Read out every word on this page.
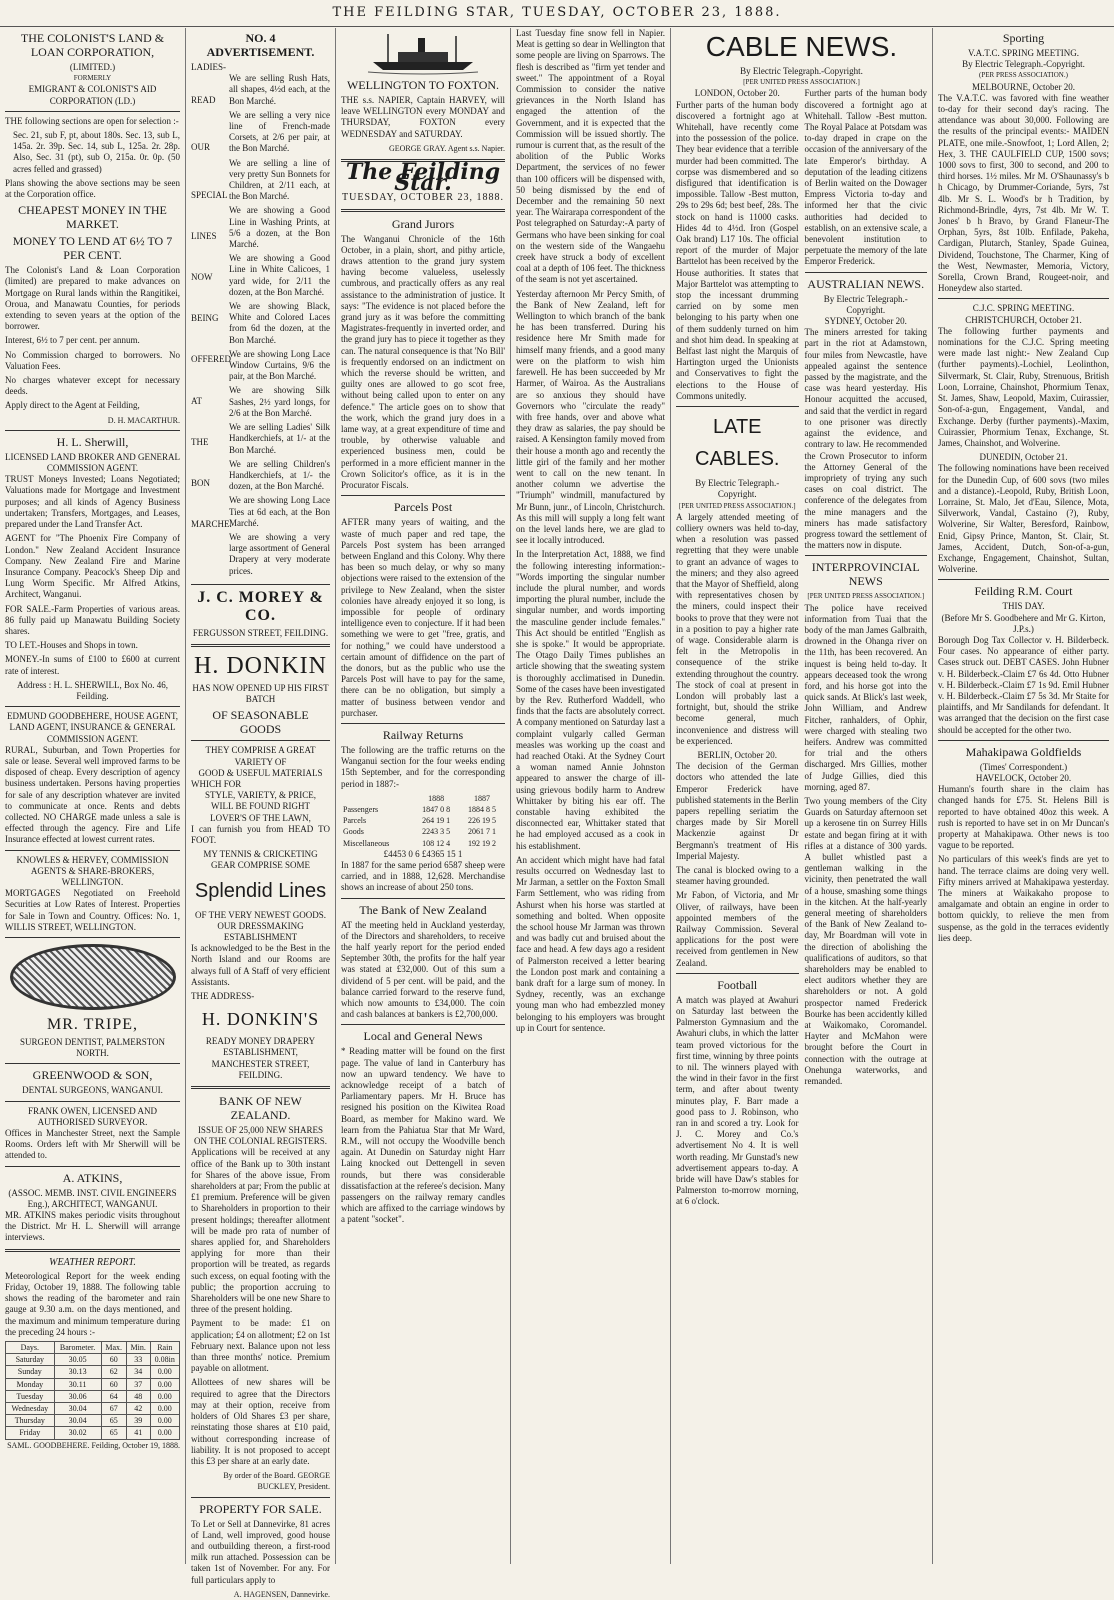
THE FEILDING STAR, TUESDAY, OCTOBER 23, 1888.
THE COLONIST'S LAND & LOAN CORPORATION,
(LIMITED.)
FORMERLY
EMIGRANT & COLONIST'S AID CORPORATION (LD.)

THE following sections are open for selection :-

Sec. 21, sub F, pt, about 180s. Sec. 13, sub L, 145a. 2r. 39p. Sec. 14, sub L, 125a. 2r. 28p. Also, Sec. 31 (pt), sub O, 215a. 0r. 0p. (50 acres felled and grassed)

Plans showing the above sections may be seen at the Corporation office.

CHEAPEST MONEY IN THE MARKET.
MONEY TO LEND AT 6½ TO 7 PER CENT.

The Colonist's Land & Loan Corporation (limited) are prepared to make advances on Mortgage on Rural lands within the Rangitikei, Oroua, and Manawatu Counties, for periods extending to seven years at the option of the borrower.

Interest, 6½ to 7 per cent. per annum.

No Commission charged to borrowers. No Valuation Fees.

No charges whatever except for necessary deeds.

Apply direct to the Agent at Feilding,

D. H. MACARTHUR.
H. L. Sherwill,
LICENSED LAND BROKER AND GENERAL COMMISSION AGENT.

TRUST Moneys Invested; Loans Negotiated; Valuations made for Mortgage and Investment purposes; and all kinds of Agency Business undertaken; Transfers, Mortgages, and Leases, prepared under the Land Transfer Act.

AGENT for "The Phoenix Fire Company of London." New Zealand Accident Insurance Company. New Zealand Fire and Marine Insurance Company. Peacock's Sheep Dip and Lung Worm Specific. Mr Alfred Atkins, Architect, Wanganui.

FOR SALE.-Farm Properties of various areas. 86 fully paid up Manawatu Building Society shares.

TO LET.-Houses and Shops in town.

MONEY.-In sums of £100 to £600 at current rate of interest.

Address : H. L. SHERWILL, Box No. 46, Feilding.

EDMUND GOODBEHERE, HOUSE AGENT, LAND AGENT, INSURANCE & GENERAL COMMISSION AGENT.

RURAL, Suburban, and Town Properties for sale or lease. Several well improved farms to be disposed of cheap. Every description of agency business undertaken. Persons having properties for sale of any description whatever are invited to communicate at once. Rents and debts collected. NO CHARGE made unless a sale is effected through the agency. Fire and Life Insurance effected at lowest current rates.

KNOWLES & HERVEY, COMMISSION AGENTS & SHARE-BROKERS, WELLINGTON.

MORTGAGES Negotiated on Freehold Securities at Low Rates of Interest. Properties for Sale in Town and Country. Offices: No. 1, WILLIS STREET, WELLINGTON.

MR. TRIPE,
SURGEON DENTIST, PALMERSTON NORTH.
GREENWOOD & SON,
DENTAL SURGEONS, WANGANUI.
FRANK OWEN, LICENSED AND AUTHORISED SURVEYOR.

Offices in Manchester Street, next the Sample Rooms. Orders left with Mr Sherwill will be attended to.

A. ATKINS,
(ASSOC. MEMB. INST. CIVIL ENGINEERS Eng.), ARCHITECT, WANGANUI.

MR. ATKINS makes periodic visits throughout the District. Mr H. L. Sherwill will arrange interviews.

WEATHER REPORT.

Meteorological Report for the week ending Friday, October 19, 1888. The following table shows the reading of the barometer and rain gauge at 9.30 a.m. on the days mentioned, and the maximum and minimum temperature during the preceding 24 hours :-

Days.	Barometer.	Max.	Min.	Rain
Saturday	30.05	60	33	0.08in
Sunday	30.13	62	34	0.00
Monday	30.11	60	37	0.00
Tuesday	30.06	64	48	0.00
Wednesday	30.04	67	42	0.00
Thursday	30.04	65	39	0.00
Friday	30.02	65	41	0.00
SAML. GOODBEHERE. Feilding, October 19, 1888.
NO. 4 ADVERTISEMENT.
LADIES-
READ
OUR
SPECIAL
LINES
NOW
BEING
OFFERED
AT
THE
BON
MARCHE.

We are selling Rush Hats, all shapes, 4½d each, at the Bon Marché.

We are selling a very nice line of French-made Corsets, at 2/6 per pair, at the Bon Marché.

We are selling a line of very pretty Sun Bonnets for Children, at 2/11 each, at the Bon Marché.

We are showing a Good Line in Washing Prints, at 5/6 a dozen, at the Bon Marché.

We are showing a Good Line in White Calicoes, 1 yard wide, for 2/11 the dozen, at the Bon Marché.

We are showing Black, White and Colored Laces from 6d the dozen, at the Bon Marché.

We are showing Long Lace Window Curtains, 9/6 the pair, at the Bon Marché.

We are showing Silk Sashes, 2½ yard longs, for 2/6 at the Bon Marché.

We are selling Ladies' Silk Handkerchiefs, at 1/- at the Bon Marché.

We are selling Children's Handkerchiefs, at 1/- the dozen, at the Bon Marché.

We are showing Long Lace Ties at 6d each, at the Bon Marché.

We are showing a very large assortment of General Drapery at very moderate prices.

J. C. MOREY & CO.
FERGUSSON STREET, FEILDING.
H. DONKIN
HAS NOW OPENED UP HIS FIRST BATCH
OF SEASONABLE GOODS
THEY COMPRISE A GREAT VARIETY OF
GOOD & USEFUL MATERIALS
WHICH FOR
STYLE, VARIETY, & PRICE,
WILL BE FOUND RIGHT
LOVER'S OF THE LAWN,

I can furnish you from HEAD TO FOOT.

MY TENNIS & CRICKETING GEAR COMPRISE SOME
Splendid Lines
OF THE VERY NEWEST GOODS.
OUR DRESSMAKING ESTABLISHMENT

Is acknowledged to be the Best in the North Island and our Rooms are always full of A Staff of very efficient Assistants.

THE ADDRESS-
H. DONKIN'S
READY MONEY DRAPERY ESTABLISHMENT,
MANCHESTER STREET, FEILDING.
BANK OF NEW ZEALAND.
ISSUE OF 25,000 NEW SHARES ON THE COLONIAL REGISTERS.

Applications will be received at any office of the Bank up to 30th instant for Shares of the above issue, From shareholders at par; From the public at £1 premium. Preference will be given to Shareholders in proportion to their present holdings; thereafter allotment will be made pro rata of number of shares applied for, and Shareholders applying for more than their proportion will be treated, as regards such excess, on equal footing with the public; the proportion accruing to Shareholders will be one new Share to three of the present holding.

Payment to be made: £1 on application; £4 on allotment; £2 on 1st February next. Balance upon not less than three months' notice. Premium payable on allotment.

Allottees of new shares will be required to agree that the Directors may at their option, receive from holders of Old Shares £3 per share, reinstating those shares at £10 paid, without corresponding increase of liability. It is not proposed to accept this £3 per share at an early date.

By order of the Board. GEORGE BUCKLEY, President.
PROPERTY FOR SALE.

To Let or Sell at Dannevirke, 81 acres of Land, well improved, good house and outbuilding thereon, a first-rood milk run attached. Possession can be taken 1st of November. For any. For full particulars apply to

A. HAGENSEN, Dannevirke.
WELLINGTON TO FOXTON.

THE s.s. NAPIER, Captain HARVEY, will leave WELLINGTON every MONDAY and THURSDAY, FOXTON every WEDNESDAY and SATURDAY.

GEORGE GRAY. Agent s.s. Napier.
The Feilding Star.
TUESDAY, OCTOBER 23, 1888.
Grand Jurors

The Wanganui Chronicle of the 16th October, in a plain, short, and pithy article, draws attention to the grand jury system having become valueless, uselessly cumbrous, and practically offers as any real assistance to the administration of justice. It says: "The evidence is not placed before the grand jury as it was before the committing Magistrates-frequently in inverted order, and the grand jury has to piece it together as they can. The natural consequence is that 'No Bill' is frequently endorsed on an indictment on which the reverse should be written, and guilty ones are allowed to go scot free, without being called upon to enter on any defence." The article goes on to show that the work, which the grand jury does in a lame way, at a great expenditure of time and trouble, by otherwise valuable and experienced business men, could be performed in a more efficient manner in the Crown Solicitor's office, as it is in the Procurator Fiscals.

Parcels Post

AFTER many years of waiting, and the waste of much paper and red tape, the Parcels Post system has been arranged between England and this Colony. Why there has been so much delay, or why so many objections were raised to the extension of the privilege to New Zealand, when the sister colonies have already enjoyed it so long, is impossible for people of ordinary intelligence even to conjecture. If it had been something we were to get "free, gratis, and for nothing," we could have understood a certain amount of diffidence on the part of the donors, but as the public who use the Parcels Post will have to pay for the same, there can be no obligation, but simply a matter of business between vendor and purchaser.

Railway Returns

The following are the traffic returns on the Wanganui section for the four weeks ending 15th September, and for the corresponding period in 1887:-

	1888	1887
Passengers	1847 0 8	1884 8 5
Parcels	264 19 1	226 19 5
Goods	2243 3 5	2061 7 1
Miscellaneous	108 12 4	192 19 2
£4453 0 6 £4365 15 1

In 1887 for the same period 6587 sheep were carried, and in 1888, 12,628. Merchandise shows an increase of about 250 tons.

The Bank of New Zealand

AT the meeting held in Auckland yesterday, of the Directors and shareholders, to receive the half yearly report for the period ended September 30th, the profits for the half year was stated at £32,000. Out of this sum a dividend of 5 per cent. will be paid, and the balance carried forward to the reserve fund, which now amounts to £34,000. The coin and cash balances at bankers is £2,700,000.

Local and General News

* Reading matter will be found on the first page. The value of land in Canterbury has now an upward tendency. We have to acknowledge receipt of a batch of Parliamentary papers. Mr H. Bruce has resigned his position on the Kiwitea Road Board, as member for Makino ward. We learn from the Pahiatua Star that Mr Ward, R.M., will not occupy the Woodville bench again. At Dunedin on Saturday night Harr Laing knocked out Dettengell in seven rounds, but there was considerable dissatisfaction at the referee's decision. Many passengers on the railway remary candles which are affixed to the carriage windows by a patent "socket".

Last Tuesday fine snow fell in Napier. Meat is getting so dear in Wellington that some people are living on Sparrows. The flesh is described as "firm yet tender and sweet." The appointment of a Royal Commission to consider the native grievances in the North Island has engaged the attention of the Government, and it is expected that the Commission will be issued shortly. The rumour is current that, as the result of the abolition of the Public Works Department, the services of no fewer than 100 officers will be dispensed with, 50 being dismissed by the end of December and the remaining 50 next year. The Wairarapa correspondent of the Post telegraphed on Saturday:-A party of Germans who have been sinking for coal on the western side of the Wangaehu creek have struck a body of excellent coal at a depth of 106 feet. The thickness of the seam is not yet ascertained.

Yesterday afternoon Mr Percy Smith, of the Bank of New Zealand, left for Wellington to which branch of the bank he has been transferred. During his residence here Mr Smith made for himself many friends, and a good many were on the platform to wish him farewell. He has been succeeded by Mr Harmer, of Wairoa. As the Australians are so anxious they should have Governors who "circulate the ready" with free hands, over and above what they draw as salaries, the pay should be raised. A Kensington family moved from their house a month ago and recently the little girl of the family and her mother went to call on the new tenant. In another column we advertise the "Triumph" windmill, manufactured by Mr Bunn, junr., of Lincoln, Christchurch. As this mill will supply a long felt want on the level lands here, we are glad to see it locally introduced.

In the Interpretation Act, 1888, we find the following interesting information:-"Words importing the singular number include the plural number, and words importing the plural number, include the singular number, and words importing the masculine gender include females." This Act should be entitled "English as she is spoke." It would be appropriate. The Otago Daily Times publishes an article showing that the sweating system is thoroughly acclimatised in Dunedin. Some of the cases have been investigated by the Rev. Rutherford Waddell, who finds that the facts are absolutely correct. A company mentioned on Saturday last a complaint vulgarly called German measles was working up the coast and had reached Otaki. At the Sydney Court a woman named Annie Johnston appeared to answer the charge of ill-using grievous bodily harm to Andrew Whittaker by biting his ear off. The constable having exhibited the disconnected ear, Whittaker stated that he had employed accused as a cook in his establishment.

An accident which might have had fatal results occurred on Wednesday last to Mr Jarman, a settler on the Foxton Small Farm Settlement, who was riding from Ashurst when his horse was startled at something and bolted. When opposite the school house Mr Jarman was thrown and was badly cut and bruised about the face and head. A few days ago a resident of Palmerston received a letter bearing the London post mark and containing a bank draft for a large sum of money. In Sydney, recently, was an exchange young man who had embezzled money belonging to his employers was brought up in Court for sentence.

CABLE NEWS.
By Electric Telegraph.-Copyright.
[PER UNITED PRESS ASSOCIATION.]
LONDON, October 20.

Further parts of the human body discovered a fortnight ago at Whitehall, have recently come into the possession of the police. They bear evidence that a terrible murder had been committed. The corpse was dismembered and so disfigured that identification is impossible. Tallow -Best mutton, 29s to 29s 6d; best beef, 28s. The stock on hand is 11000 casks. Hides 4d to 4½d. Iron (Gospel Oak brand) L17 10s. The official report of the murder of Major Barttelot has been received by the House authorities. It states that Major Barttelot was attempting to stop the incessant drumming carried on by some men belonging to his party when one of them suddenly turned on him and shot him dead. In speaking at Belfast last night the Marquis of Hartington urged the Unionists and Conservatives to fight the elections to the House of Commons unitedly.

LATE CABLES.
By Electric Telegraph.-Copyright.
[PER UNITED PRESS ASSOCIATION.]

A largely attended meeting of colliery owners was held to-day, when a resolution was passed regretting that they were unable to grant an advance of wages to the miners; and they also agreed that the Mayor of Sheffield, along with representatives chosen by the miners, could inspect their books to prove that they were not in a position to pay a higher rate of wage. Considerable alarm is felt in the Metropolis in consequence of the strike extending throughout the country. The stock of coal at present in London will probably last a fortnight, but, should the strike become general, much inconvenience and distress will be experienced.

BERLIN, October 20.

The decision of the German doctors who attended the late Emperor Frederick have published statements in the Berlin papers repelling seriatim the charges made by Sir Morell Mackenzie against Dr Bergmann's treatment of His Imperial Majesty.

The canal is blocked owing to a steamer having grounded.

Mr Fabon, of Victoria, and Mr Oliver, of railways, have been appointed members of the Railway Commission. Several applications for the post were received from gentlemen in New Zealand.

Football

A match was played at Awahuri on Saturday last between the Palmerston Gymnasium and the Awahuri clubs, in which the latter team proved victorious for the first time, winning by three points to nil. The winners played with the wind in their favor in the first term, and after about twenty minutes play, F. Barr made a good pass to J. Robinson, who ran in and scored a try. Look for J. C. Morey and Co.'s advertisement No 4. It is well worth reading. Mr Gunstad's new advertisement appears to-day. A bride will have Daw's stables for Palmerston to-morrow morning, at 6 o'clock.

Further parts of the human body discovered a fortnight ago at Whitehall. Tallow -Best mutton. The Royal Palace at Potsdam was to-day draped in crape on the occasion of the anniversary of the late Emperor's birthday. A deputation of the leading citizens of Berlin waited on the Dowager Empress Victoria to-day and informed her that the civic authorities had decided to establish, on an extensive scale, a benevolent institution to perpetuate the memory of the late Emperor Frederick.

AUSTRALIAN NEWS.
By Electric Telegraph.-Copyright.
SYDNEY, October 20.

The miners arrested for taking part in the riot at Adamstown, four miles from Newcastle, have appealed against the sentence passed by the magistrate, and the case was heard yesterday. His Honour acquitted the accused, and said that the verdict in regard to one prisoner was directly against the evidence, and contrary to law. He recommended the Crown Prosecutor to inform the Attorney General of the impropriety of trying any such cases on coal district. The conference of the delegates from the mine managers and the miners has made satisfactory progress toward the settlement of the matters now in dispute.

INTERPROVINCIAL NEWS
[PER UNITED PRESS ASSOCIATION.]

The police have received information from Tuai that the body of the man James Galbraith, drowned in the Ohanga river on the 11th, has been recovered. An inquest is being held to-day. It appears deceased took the wrong ford, and his horse got into the quick sands. At Blick's last week, John William, and Andrew Fitcher, ranhalders, of Ophir, were charged with stealing two heifers. Andrew was committed for trial and the others discharged. Mrs Gillies, mother of Judge Gillies, died this morning, aged 87.

Two young members of the City Guards on Saturday afternoon set up a kerosene tin on Surrey Hills estate and began firing at it with rifles at a distance of 300 yards. A bullet whistled past a gentleman walking in the vicinity, then penetrated the wall of a house, smashing some things in the kitchen. At the half-yearly general meeting of shareholders of the Bank of New Zealand to-day, Mr Boardman will vote in the direction of abolishing the qualifications of auditors, so that shareholders may be enabled to elect auditors whether they are shareholders or not. A gold prospector named Frederick Bourke has been accidently killed at Waikomako, Coromandel. Hayter and McMahon were brought before the Court in connection with the outrage at Onehunga waterworks, and remanded.

Sporting
V.A.T.C. SPRING MEETING.
By Electric Telegraph.-Copyright.
(PER PRESS ASSOCIATION.)
MELBOURNE, October 20.

The V.A.T.C. was favored with fine weather to-day for their second day's racing. The attendance was about 30,000. Following are the results of the principal events:- MAIDEN PLATE, one mile.-Snowfoot, 1; Lord Allen, 2; Hex, 3. THE CAULFIELD CUP, 1500 sovs; 1000 sovs to first, 300 to second, and 200 to third horses. 1½ miles. Mr M. O'Shaunassy's b h Chicago, by Drummer-Coriande, 5yrs, 7st 4lb. Mr S. L. Wood's br h Tradition, by Richmond-Brindle, 4yrs, 7st 4lb. Mr W. T. Jones' b h Bravo, by Grand Flaneur-The Orphan, 5yrs, 8st 10lb. Enfilade, Pakeha, Cardigan, Plutarch, Stanley, Spade Guinea, Dividend, Touchstone, The Charmer, King of the West, Newmaster, Memoria, Victory, Sorella, Crown Brand, Rougeet-noir, and Honeydew also started.

C.J.C. SPRING MEETING.
CHRISTCHURCH, October 21.

The following further payments and nominations for the C.J.C. Spring meeting were made last night:- New Zealand Cup (further payments).-Lochiel, Leolinthon, Silvermark, St. Clair, Ruby, Strenuous, British Loon, Lorraine, Chainshot, Phormium Tenax, St. James, Shaw, Leopold, Maxim, Cuirassier, Son-of-a-gun, Engagement, Vandal, and Exchange. Derby (further payments).-Maxim, Cuirassier, Phormium Tenax, Exchange, St. James, Chainshot, and Wolverine.

DUNEDIN, October 21.

The following nominations have been received for the Dunedin Cup, of 600 sovs (two miles and a distance).-Leopold, Ruby, British Loon, Lorraine, St. Malo, Jet d'Eau, Silence, Mota, Silverwork, Vandal, Castaino (?), Ruby, Wolverine, Sir Walter, Beresford, Rainbow, Enid, Gipsy Prince, Manton, St. Clair, St. James, Accident, Dutch, Son-of-a-gun, Exchange, Engagement, Chainshot, Sultan, Wolverine.

Feilding R.M. Court
THIS DAY.
(Before Mr S. Goodbehere and Mr G. Kirton, J.P.s.)

Borough Dog Tax Collector v. H. Bilderbeck. Four cases. No appearance of either party. Cases struck out. DEBT CASES. John Hubner v. H. Bilderbeck.-Claim £7 6s 4d. Otto Hubner v. H. Bilderbeck.-Claim £7 1s 9d. Emil Hubner v. H. Bilderbeck.-Claim £7 5s 3d. Mr Staite for plaintiffs, and Mr Sandilands for defendant. It was arranged that the decision on the first case should be accepted for the other two.

Mahakipawa Goldfields
(Times' Correspondent.)
HAVELOCK, October 20.

Humann's fourth share in the claim has changed hands for £75. St. Helens Bill is reported to have obtained 40oz this week. A rush is reported to have set in on Mr Duncan's property at Mahakipawa. Other news is too vague to be reported.

No particulars of this week's finds are yet to hand. The terrace claims are doing very well. Fifty miners arrived at Mahakipawa yesterday. The miners at Waikakaho propose to amalgamate and obtain an engine in order to bottom quickly, to relieve the men from suspense, as the gold in the terraces evidently lies deep.
